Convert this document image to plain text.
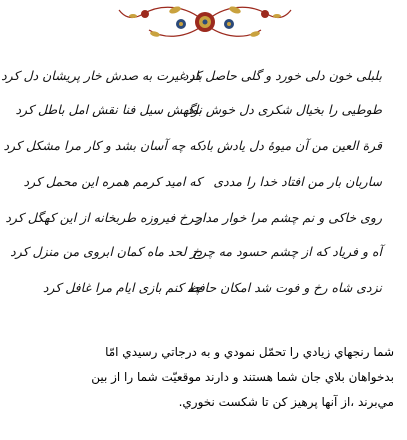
بلبلی خون دلی خورد و گلی حاصل کرد
باد غیرت به صدش خار پریشان دل کرد
طوطیی را بخیال شکری دل خوش بود
ناگهش سیل فنا نقش امل باطل کرد
قرة العین من آن میوهٔ دل یادش باد
که چه آسان بشد و کار مرا مشکل کرد
ساربان بار من افتاد خدا را مددی
که امید کرمم همره این محمل کرد
روی خاکی و نم چشم مرا خوار مدار
چرخ فیروزه طربخانه از این کهگل کرد
آه و فریاد که از چشم حسود مه چرخ
در لحد ماه کمان ابروی من منزل کرد
نزدی شاه رخ و فوت شد امکان حافظ
چه کنم بازی ایام مرا غافل کرد
شما رنجهاي زيادي را تحمّل نمودي و به درجاتي رسيدي امّا
بدخواهان بلاي جان شما هستند و دارند موقعيّت شما را از بين
مي‌برند ،از آنها پرهيز كن تا شكست نخوري.
